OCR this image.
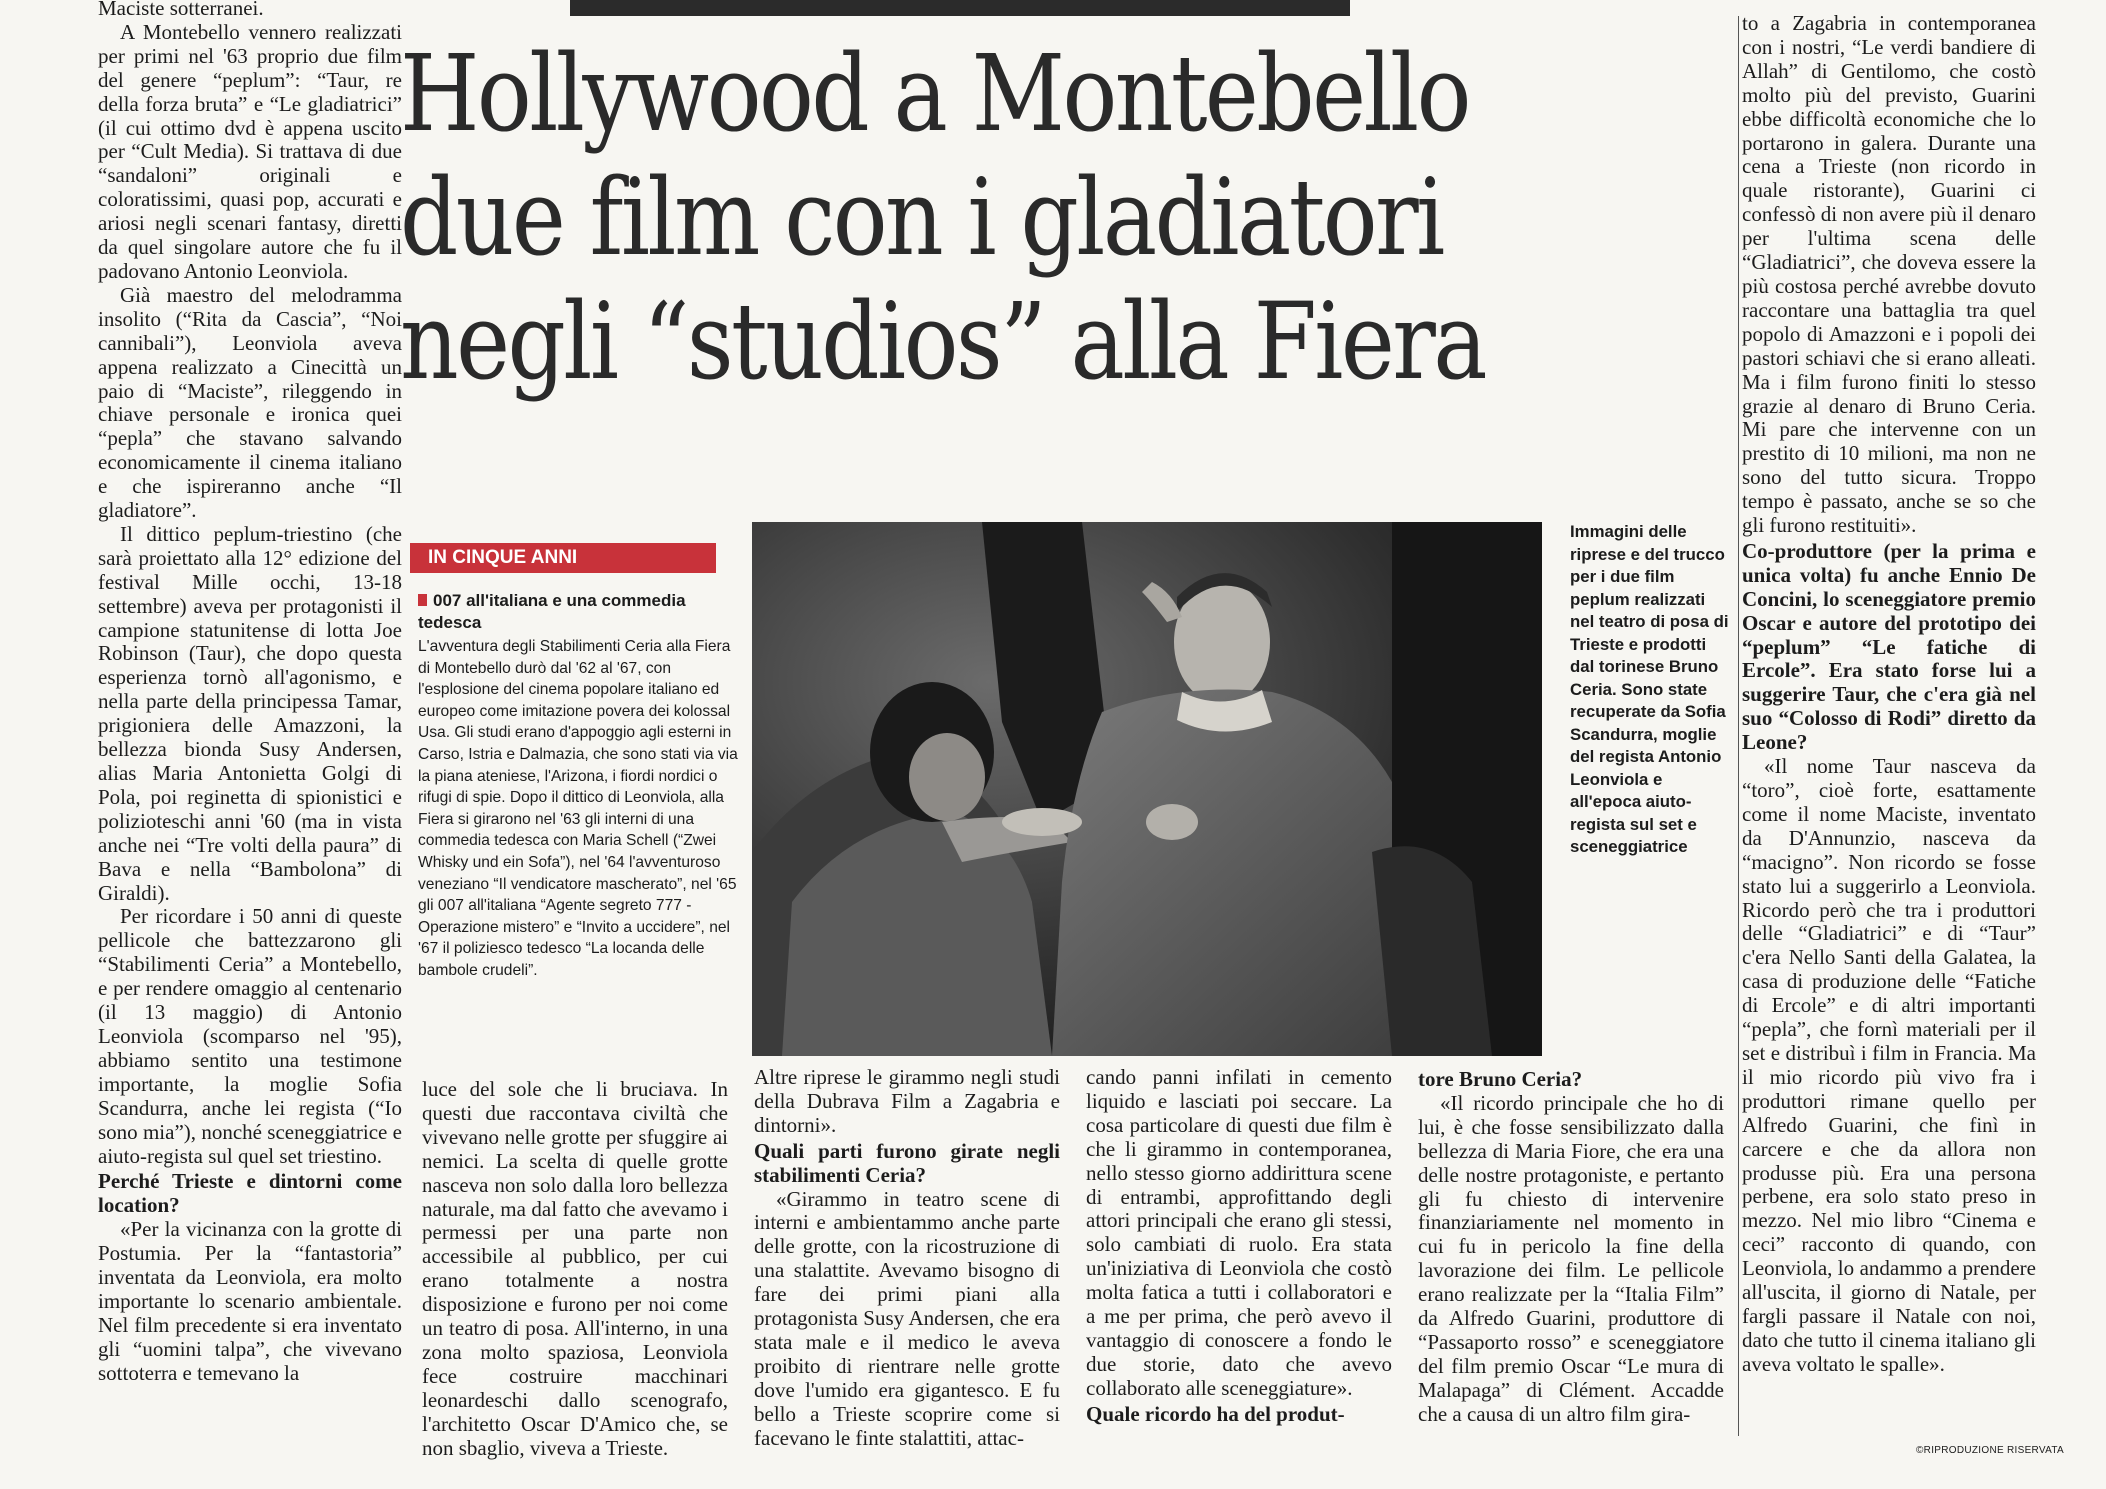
Maciste sotterranei.

A Montebello vennero realizzati per primi nel '63 proprio due film del genere “peplum”: “Taur, re della forza bruta” e “Le gladiatrici” (il cui ottimo dvd è appena uscito per “Cult Media). Si trattava di due “sandaloni” originali e coloratissimi, quasi pop, accurati e ariosi negli scenari fantasy, diretti da quel singolare autore che fu il padovano Antonio Leonviola.

Già maestro del melodramma insolito (“Rita da Cascia”, “Noi cannibali”), Leonviola aveva appena realizzato a Cinecittà un paio di “Maciste”, rileggendo in chiave personale e ironica quei “pepla” che stavano salvando economicamente il cinema italiano e che ispireranno anche “Il gladiatore”.

Il dittico peplum-triestino (che sarà proiettato alla 12° edizione del festival Mille occhi, 13-18 settembre) aveva per protagonisti il campione statunitense di lotta Joe Robinson (Taur), che dopo questa esperienza tornò all'agonismo, e nella parte della principessa Tamar, prigioniera delle Amazzoni, la bellezza bionda Susy Andersen, alias Maria Antonietta Golgi di Pola, poi reginetta di spionistici e polizioteschi anni '60 (ma in vista anche nei “Tre volti della paura” di Bava e nella “Bambolona” di Giraldi).

Per ricordare i 50 anni di queste pellicole che battezzarono gli “Stabilimenti Ceria” a Montebello, e per rendere omaggio al centenario (il 13 maggio) di Antonio Leonviola (scomparso nel '95), abbiamo sentito una testimone importante, la moglie Sofia Scandurra, anche lei regista (“Io sono mia”), nonché sceneggiatrice e aiuto-regista sul quel set triestino.

Perché Trieste e dintorni come location?

«Per la vicinanza con la grotte di Postumia. Per la “fantastoria” inventata da Leonviola, era molto importante lo scenario ambientale. Nel film precedente si era inventato gli “uomini talpa”, che vivevano sottoterra e temevano la

Hollywood a Montebello
due film con i gladiatori
negli “studios” alla Fiera
IN CINQUE ANNI
007 all'italiana e una commedia tedesca
L'avventura degli Stabilimenti Ceria alla Fiera di Montebello durò dal '62 al '67, con l'esplosione del cinema popolare italiano ed europeo come imitazione povera dei kolossal Usa. Gli studi erano d'appoggio agli esterni in Carso, Istria e Dalmazia, che sono stati via via la piana ateniese, l'Arizona, i fiordi nordici o rifugi di spie. Dopo il dittico di Leonviola, alla Fiera si girarono nel '63 gli interni di una commedia tedesca con Maria Schell (“Zwei Whisky und ein Sofa”), nel '64 l'avventuroso veneziano “Il vendicatore mascherato”, nel '65 gli 007 all'italiana “Agente segreto 777 - Operazione mistero” e “Invito a uccidere”, nel '67 il poliziesco tedesco “La locanda delle bambole crudeli”.
Immagini delle riprese e del trucco per i due film peplum realizzati nel teatro di posa di Trieste e prodotti dal torinese Bruno Ceria. Sono state recuperate da Sofia Scandurra, moglie del regista Antonio Leonviola e all'epoca aiuto-regista sul set e sceneggiatrice

luce del sole che li bruciava. In questi due raccontava civiltà che vivevano nelle grotte per sfuggire ai nemici. La scelta di quelle grotte nasceva non solo dalla loro bellezza naturale, ma dal fatto che avevamo i permessi per una parte non accessibile al pubblico, per cui erano totalmente a nostra disposizione e furono per noi come un teatro di posa. All'interno, in una zona molto spaziosa, Leonviola fece costruire macchinari leonardeschi dallo scenografo, l'architetto Oscar D'Amico che, se non sbaglio, viveva a Trieste.

Altre riprese le girammo negli studi della Dubrava Film a Zagabria e dintorni».

Quali parti furono girate negli stabilimenti Ceria?

«Girammo in teatro scene di interni e ambientammo anche parte delle grotte, con la ricostruzione di una stalattite. Avevamo bisogno di fare dei primi piani alla protagonista Susy Andersen, che era stata male e il medico le aveva proibito di rientrare nelle grotte dove l'umido era gigantesco. E fu bello a Trieste scoprire come si facevano le finte stalattiti, attac-

cando panni infilati in cemento liquido e lasciati poi seccare. La cosa particolare di questi due film è che li girammo in contemporanea, nello stesso giorno addirittura scene di entrambi, approfittando degli attori principali che erano gli stessi, solo cambiati di ruolo. Era stata un'iniziativa di Leonviola che costò molta fatica a tutti i collaboratori e a me per prima, che però avevo il vantaggio di conoscere a fondo le due storie, dato che avevo collaborato alle sceneggiature».

Quale ricordo ha del produt-

tore Bruno Ceria?

«Il ricordo principale che ho di lui, è che fosse sensibilizzato dalla bellezza di Maria Fiore, che era una delle nostre protagoniste, e pertanto gli fu chiesto di intervenire finanziariamente nel momento in cui fu in pericolo la fine della lavorazione dei film. Le pellicole erano realizzate per la “Italia Film” da Alfredo Guarini, produttore di “Passaporto rosso” e sceneggiatore del film premio Oscar “Le mura di Malapaga” di Clément. Accadde che a causa di un altro film gira-

to a Zagabria in contemporanea con i nostri, “Le verdi bandiere di Allah” di Gentilomo, che costò molto più del previsto, Guarini ebbe difficoltà economiche che lo portarono in galera. Durante una cena a Trieste (non ricordo in quale ristorante), Guarini ci confessò di non avere più il denaro per l'ultima scena delle “Gladiatrici”, che doveva essere la più costosa perché avrebbe dovuto raccontare una battaglia tra quel popolo di Amazzoni e i popoli dei pastori schiavi che si erano alleati. Ma i film furono finiti lo stesso grazie al denaro di Bruno Ceria. Mi pare che intervenne con un prestito di 10 milioni, ma non ne sono del tutto sicura. Troppo tempo è passato, anche se so che gli furono restituiti».

Co-produttore (per la prima e unica volta) fu anche Ennio De Concini, lo sceneggiatore premio Oscar e autore del prototipo dei “peplum” “Le fatiche di Ercole”. Era stato forse lui a suggerire Taur, che c'era già nel suo “Colosso di Rodi” diretto da Leone?

«Il nome Taur nasceva da “toro”, cioè forte, esattamente come il nome Maciste, inventato da D'Annunzio, nasceva da “macigno”. Non ricordo se fosse stato lui a suggerirlo a Leonviola. Ricordo però che tra i produttori delle “Gladiatrici” e di “Taur” c'era Nello Santi della Galatea, la casa di produzione delle “Fatiche di Ercole” e di altri importanti “pepla”, che fornì materiali per il set e distribuì i film in Francia. Ma il mio ricordo più vivo fra i produttori rimane quello per Alfredo Guarini, che finì in carcere e che da allora non produsse più. Era una persona perbene, era solo stato preso in mezzo. Nel mio libro “Cinema e ceci” racconto di quando, con Leonviola, lo andammo a prendere all'uscita, il giorno di Natale, per fargli passare il Natale con noi, dato che tutto il cinema italiano gli aveva voltato le spalle».

©RIPRODUZIONE RISERVATA
